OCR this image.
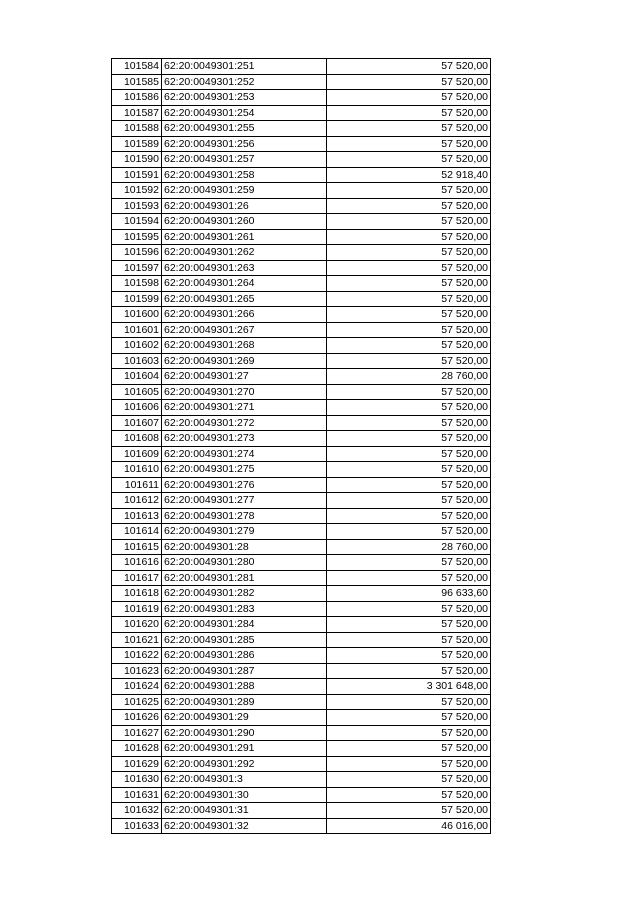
101584	62:20:0049301:251	57 520,00
101585	62:20:0049301:252	57 520,00
101586	62:20:0049301:253	57 520,00
101587	62:20:0049301:254	57 520,00
101588	62:20:0049301:255	57 520,00
101589	62:20:0049301:256	57 520,00
101590	62:20:0049301:257	57 520,00
101591	62:20:0049301:258	52 918,40
101592	62:20:0049301:259	57 520,00
101593	62:20:0049301:26	57 520,00
101594	62:20:0049301:260	57 520,00
101595	62:20:0049301:261	57 520,00
101596	62:20:0049301:262	57 520,00
101597	62:20:0049301:263	57 520,00
101598	62:20:0049301:264	57 520,00
101599	62:20:0049301:265	57 520,00
101600	62:20:0049301:266	57 520,00
101601	62:20:0049301:267	57 520,00
101602	62:20:0049301:268	57 520,00
101603	62:20:0049301:269	57 520,00
101604	62:20:0049301:27	28 760,00
101605	62:20:0049301:270	57 520,00
101606	62:20:0049301:271	57 520,00
101607	62:20:0049301:272	57 520,00
101608	62:20:0049301:273	57 520,00
101609	62:20:0049301:274	57 520,00
101610	62:20:0049301:275	57 520,00
101611	62:20:0049301:276	57 520,00
101612	62:20:0049301:277	57 520,00
101613	62:20:0049301:278	57 520,00
101614	62:20:0049301:279	57 520,00
101615	62:20:0049301:28	28 760,00
101616	62:20:0049301:280	57 520,00
101617	62:20:0049301:281	57 520,00
101618	62:20:0049301:282	96 633,60
101619	62:20:0049301:283	57 520,00
101620	62:20:0049301:284	57 520,00
101621	62:20:0049301:285	57 520,00
101622	62:20:0049301:286	57 520,00
101623	62:20:0049301:287	57 520,00
101624	62:20:0049301:288	3 301 648,00
101625	62:20:0049301:289	57 520,00
101626	62:20:0049301:29	57 520,00
101627	62:20:0049301:290	57 520,00
101628	62:20:0049301:291	57 520,00
101629	62:20:0049301:292	57 520,00
101630	62:20:0049301:3	57 520,00
101631	62:20:0049301:30	57 520,00
101632	62:20:0049301:31	57 520,00
101633	62:20:0049301:32	46 016,00
